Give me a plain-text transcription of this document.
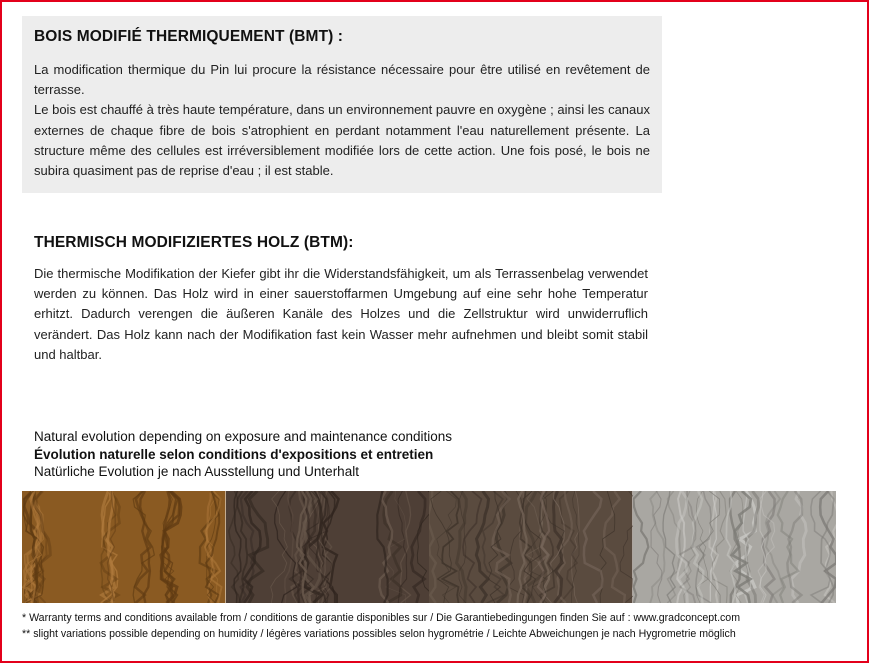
BOIS MODIFIÉ THERMIQUEMENT (BMT) :
La modification thermique du Pin lui procure la résistance nécessaire pour être utilisé en revêtement de terrasse.
Le bois est chauffé à très haute température, dans un environnement pauvre en oxygène ; ainsi les canaux externes de chaque fibre de bois s'atrophient en perdant notamment l'eau naturellement présente. La structure même des cellules est irréversiblement modifiée lors de cette action. Une fois posé, le bois ne subira quasiment pas de reprise d'eau ; il est stable.
THERMISCH MODIFIZIERTES HOLZ (BTM):
Die thermische Modifikation der Kiefer gibt ihr die Widerstandsfähigkeit, um als Terrassenbelag verwendet werden zu können. Das Holz wird in einer sauerstoffarmen Umgebung auf eine sehr hohe Temperatur erhitzt. Dadurch verengen die äußeren Kanäle des Holzes und die Zellstruktur wird unwiderruflich verändert. Das Holz kann nach der Modifikation fast kein Wasser mehr aufnehmen und bleibt somit stabil und haltbar.
Natural evolution depending on exposure and maintenance conditions
Évolution naturelle selon conditions d'expositions et entretien
Natürliche Evolution je nach Ausstellung und Unterhalt
* Warranty terms and conditions available from / conditions de garantie disponibles sur / Die Garantiebedingungen finden Sie auf : www.gradconcept.com
** slight variations possible depending on humidity / légères variations possibles selon hygrométrie / Leichte Abweichungen je nach Hygrometrie möglich
